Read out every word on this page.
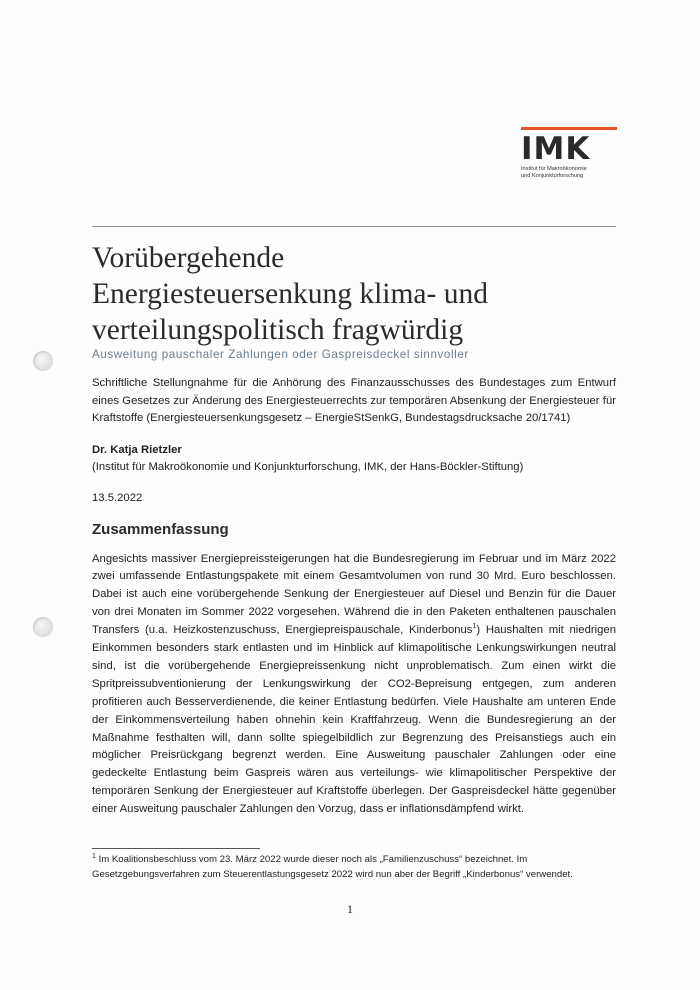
IMK
Institut für Makroökonomie
und Konjunkturforschung
Vorübergehende
Energiesteuersenkung klima- und
verteilungspolitisch fragwürdig
Ausweitung pauschaler Zahlungen oder Gaspreisdeckel sinnvoller
Schriftliche Stellungnahme für die Anhörung des Finanzausschusses des Bundestages zum Entwurf eines Gesetzes zur Änderung des Energiesteuerrechts zur temporären Absenkung der Energiesteuer für Kraftstoffe (Energiesteuersenkungsgesetz – EnergieStSenkG, Bundestagsdrucksache 20/1741)
Dr. Katja Rietzler
(Institut für Makroökonomie und Konjunkturforschung, IMK, der Hans-Böckler-Stiftung)
13.5.2022
Zusammenfassung

Angesichts massiver Energiepreissteigerungen hat die Bundesregierung im Februar und im März 2022 zwei umfassende Entlastungspakete mit einem Gesamtvolumen von rund 30 Mrd. Euro beschlossen. Dabei ist auch eine vorübergehende Senkung der Energiesteuer auf Diesel und Benzin für die Dauer von drei Monaten im Sommer 2022 vorgesehen. Während die in den Paketen enthaltenen pauschalen Transfers (u.a. Heizkostenzuschuss, Energiepreispauschale, Kinderbonus$^1$) Haushalten mit niedrigen Einkommen besonders stark entlasten und im Hinblick auf klimapolitische Lenkungswirkungen neutral sind, ist die vorübergehende Energiepreissenkung nicht unproblematisch. Zum einen wirkt die Spritpreissubventionierung der Lenkungswirkung der CO2-Bepreisung entgegen, zum anderen profitieren auch Besserverdienende, die keiner Entlastung bedürfen. Viele Haushalte am unteren Ende der Einkommensverteilung haben ohnehin kein Kraftfahrzeug. Wenn die Bundesregierung an der Maßnahme festhalten will, dann sollte spiegelbildlich zur Begrenzung des Preisanstiegs auch ein möglicher Preisrückgang begrenzt werden. Eine Ausweitung pauschaler Zahlungen oder eine gedeckelte Entlastung beim Gaspreis wären aus verteilungs- wie klimapolitischer Perspektive der temporären Senkung der Energiesteuer auf Kraftstoffe überlegen. Der Gaspreisdeckel hätte gegenüber einer Ausweitung pauschaler Zahlungen den Vorzug, dass er inflationsdämpfend wirkt.

$^1$ Im Koalitionsbeschluss vom 23. März 2022 wurde dieser noch als „Familienzuschuss“ bezeichnet. Im Gesetzgebungsverfahren zum Steuerentlastungsgesetz 2022 wird nun aber der Begriff „Kinderbonus“ verwendet.
1
